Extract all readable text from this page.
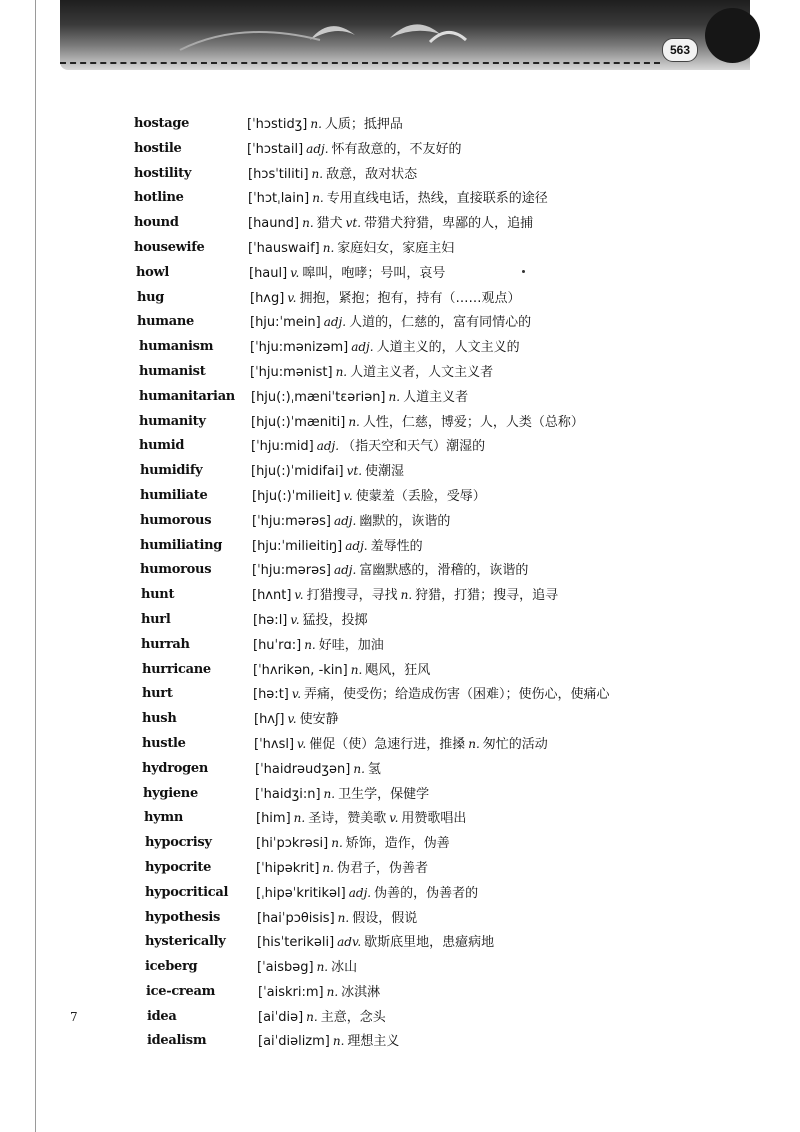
563
hostage	[ˈhɔstidʒ] n. 人质；抵押品
hostile	[ˈhɔstail] adj. 怀有敌意的，不友好的
hostility	[hɔsˈtiliti] n. 敌意，敌对状态
hotline	[ˈhɔtˌlain] n. 专用直线电话，热线，直接联系的途径
hound	[haund] n. 猎犬 vt. 带猎犬狩猎，卑鄙的人，追捕
housewife	[ˈhauswaif] n. 家庭妇女，家庭主妇
howl	[haul] v. 嗥叫，咆哮；号叫，哀号
hug	[hʌg] v. 拥抱，紧抱；抱有，持有（……观点）
humane	[hju:ˈmein] adj. 人道的，仁慈的，富有同情心的
humanism	[ˈhju:mənizəm] adj. 人道主义的，人文主义的
humanist	[ˈhju:mənist] n. 人道主义者，人文主义者
humanitarian [hju(:)ˌmæniˈtɛəriən] n. 人道主义者
humanity	[hju(:)ˈmæniti] n. 人性，仁慈，博爱；人，人类（总称）
humid	[ˈhju:mid] adj. （指天空和天气）潮湿的
humidify	[hju(:)ˈmidifai] vt. 使潮湿
humiliate	[hju(:)ˈmilieit] v. 使蒙羞（丢脸，受辱）
humorous	[ˈhju:mərəs] adj. 幽默的，诙谐的
humiliating [hju:ˈmilieitiŋ] adj. 羞辱性的
humorous	[ˈhju:mərəs] adj. 富幽默感的，滑稽的，诙谐的
hunt	[hʌnt] v. 打猎搜寻，寻找 n. 狩猎，打猎；搜寻，追寻
hurl	[hə:l] v. 猛投，投掷
hurrah	[huˈrɑ:] n. 好哇，加油
hurricane	[ˈhʌrikən, -kin] n. 飓风，狂风
hurt	[hə:t] v. 弄痛，使受伤；给造成伤害（困难）；使伤心，使痛心
hush	[hʌʃ] v. 使安静
hustle	[ˈhʌsl] v. 催促（使）急速行进，推搡 n. 匆忙的活动
hydrogen	[ˈhaidrəudʒən] n. 氢
hygiene	[ˈhaidʒi:n] n. 卫生学，保健学
hymn	[him] n. 圣诗，赞美歌 v. 用赞歌唱出
hypocrisy	[hiˈpɔkrəsi] n. 矫饰，造作，伪善
hypocrite	[ˈhipəkrit] n. 伪君子，伪善者
hypocritical [ˌhipəˈkritikəl] adj. 伪善的，伪善者的
hypothesis	[haiˈpɔθisis] n. 假设，假说
hysterically [hisˈterikəli] adv. 歇斯底里地，患癔病地
iceberg	[ˈaisbəg] n. 冰山
ice-cream	[ˈaiskri:m] n. 冰淇淋
idea	[aiˈdiə] n. 主意，念头
idealism	[aiˈdiəlizm] n. 理想主义
7
